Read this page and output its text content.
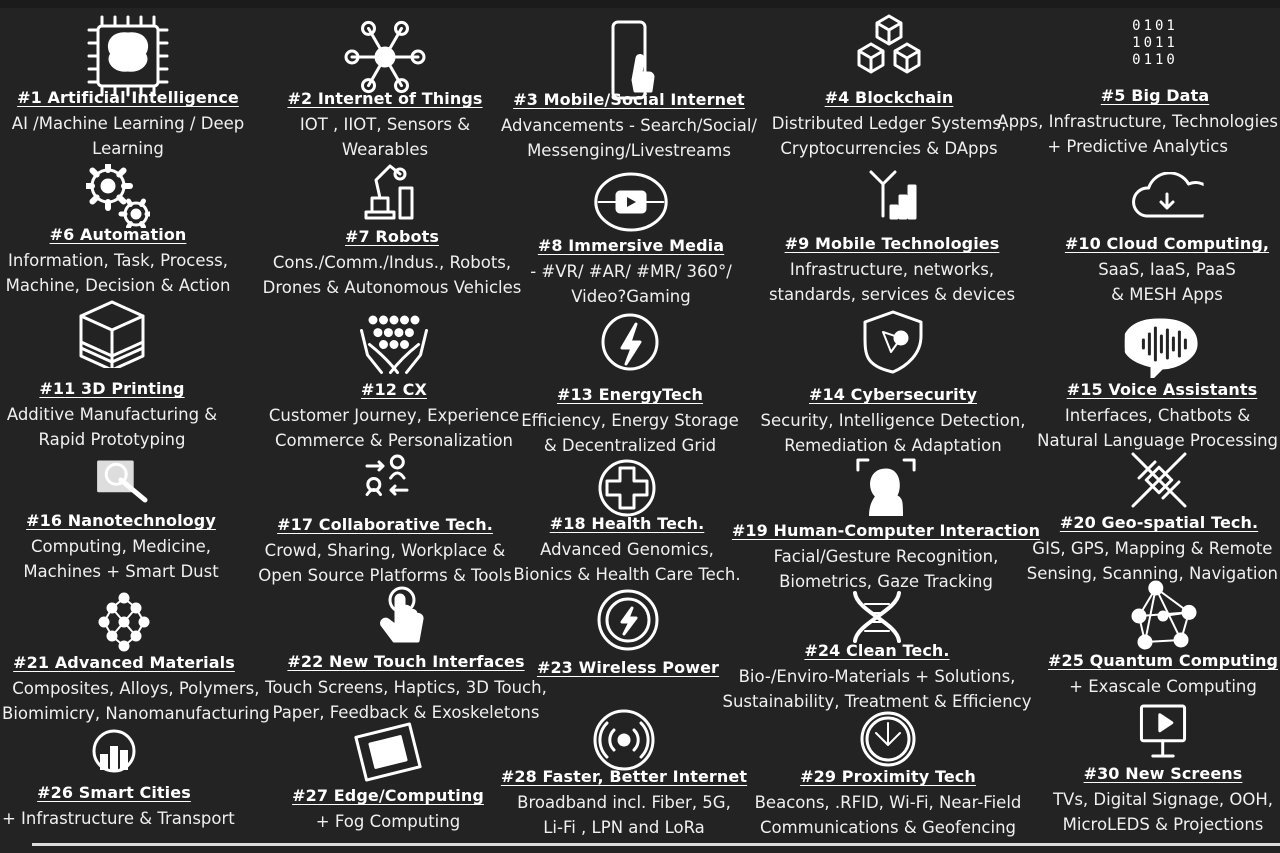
#1 Artificial Intelligence
AI /Machine Learning / Deep
Learning
#2 Internet of Things
IOT , IIOT, Sensors &
Wearables
#3 Mobile/Social Internet
Advancements - Search/Social/
Messenging/Livestreams
#4 Blockchain
Distributed Ledger Systems,
Cryptocurrencies & DApps
0101
1011
0110
#5 Big Data
Apps, Infrastructure, Technologies
+ Predictive Analytics
#6 Automation
Information, Task, Process,
Machine, Decision & Action
#7 Robots
Cons./Comm./Indus., Robots,
Drones & Autonomous Vehicles
#8 Immersive Media
- #VR/ #AR/ #MR/ 360°/
Video?Gaming
#9 Mobile Technologies
Infrastructure, networks,
standards, services & devices
#10 Cloud Computing,
SaaS, IaaS, PaaS
& MESH Apps
#11 3D Printing
Additive Manufacturing &
Rapid Prototyping
#12 CX
Customer Journey, Experience
Commerce & Personalization
#13 EnergyTech
Efficiency, Energy Storage
& Decentralized Grid
#14 Cybersecurity
Security, Intelligence Detection,
Remediation & Adaptation
#15 Voice Assistants
Interfaces, Chatbots &
Natural Language Processing
#16 Nanotechnology
Computing, Medicine,
Machines + Smart Dust
#17 Collaborative Tech.
Crowd, Sharing, Workplace &
Open Source Platforms & Tools
#18 Health Tech.
Advanced Genomics,
Bionics & Health Care Tech.
#19 Human-Computer Interaction
Facial/Gesture Recognition,
Biometrics, Gaze Tracking
#20 Geo-spatial Tech.
GIS, GPS, Mapping & Remote
Sensing, Scanning, Navigation
#21 Advanced Materials
Composites, Alloys, Polymers,
Biomimicry, Nanomanufacturing
#22 New Touch Interfaces
Touch Screens, Haptics, 3D Touch,
Paper, Feedback & Exoskeletons
#23 Wireless Power
#24 Clean Tech.
Bio-/Enviro-Materials + Solutions,
Sustainability, Treatment & Efficiency
#25 Quantum Computing
+ Exascale Computing
#26 Smart Cities
+ Infrastructure & Transport
#27 Edge/Computing
+ Fog Computing
#28 Faster, Better Internet
Broadband incl. Fiber, 5G,
Li-Fi , LPN and LoRa
#29 Proximity Tech
Beacons, .RFID, Wi-Fi, Near-Field
Communications & Geofencing
#30 New Screens
TVs, Digital Signage, OOH,
MicroLEDS & Projections
